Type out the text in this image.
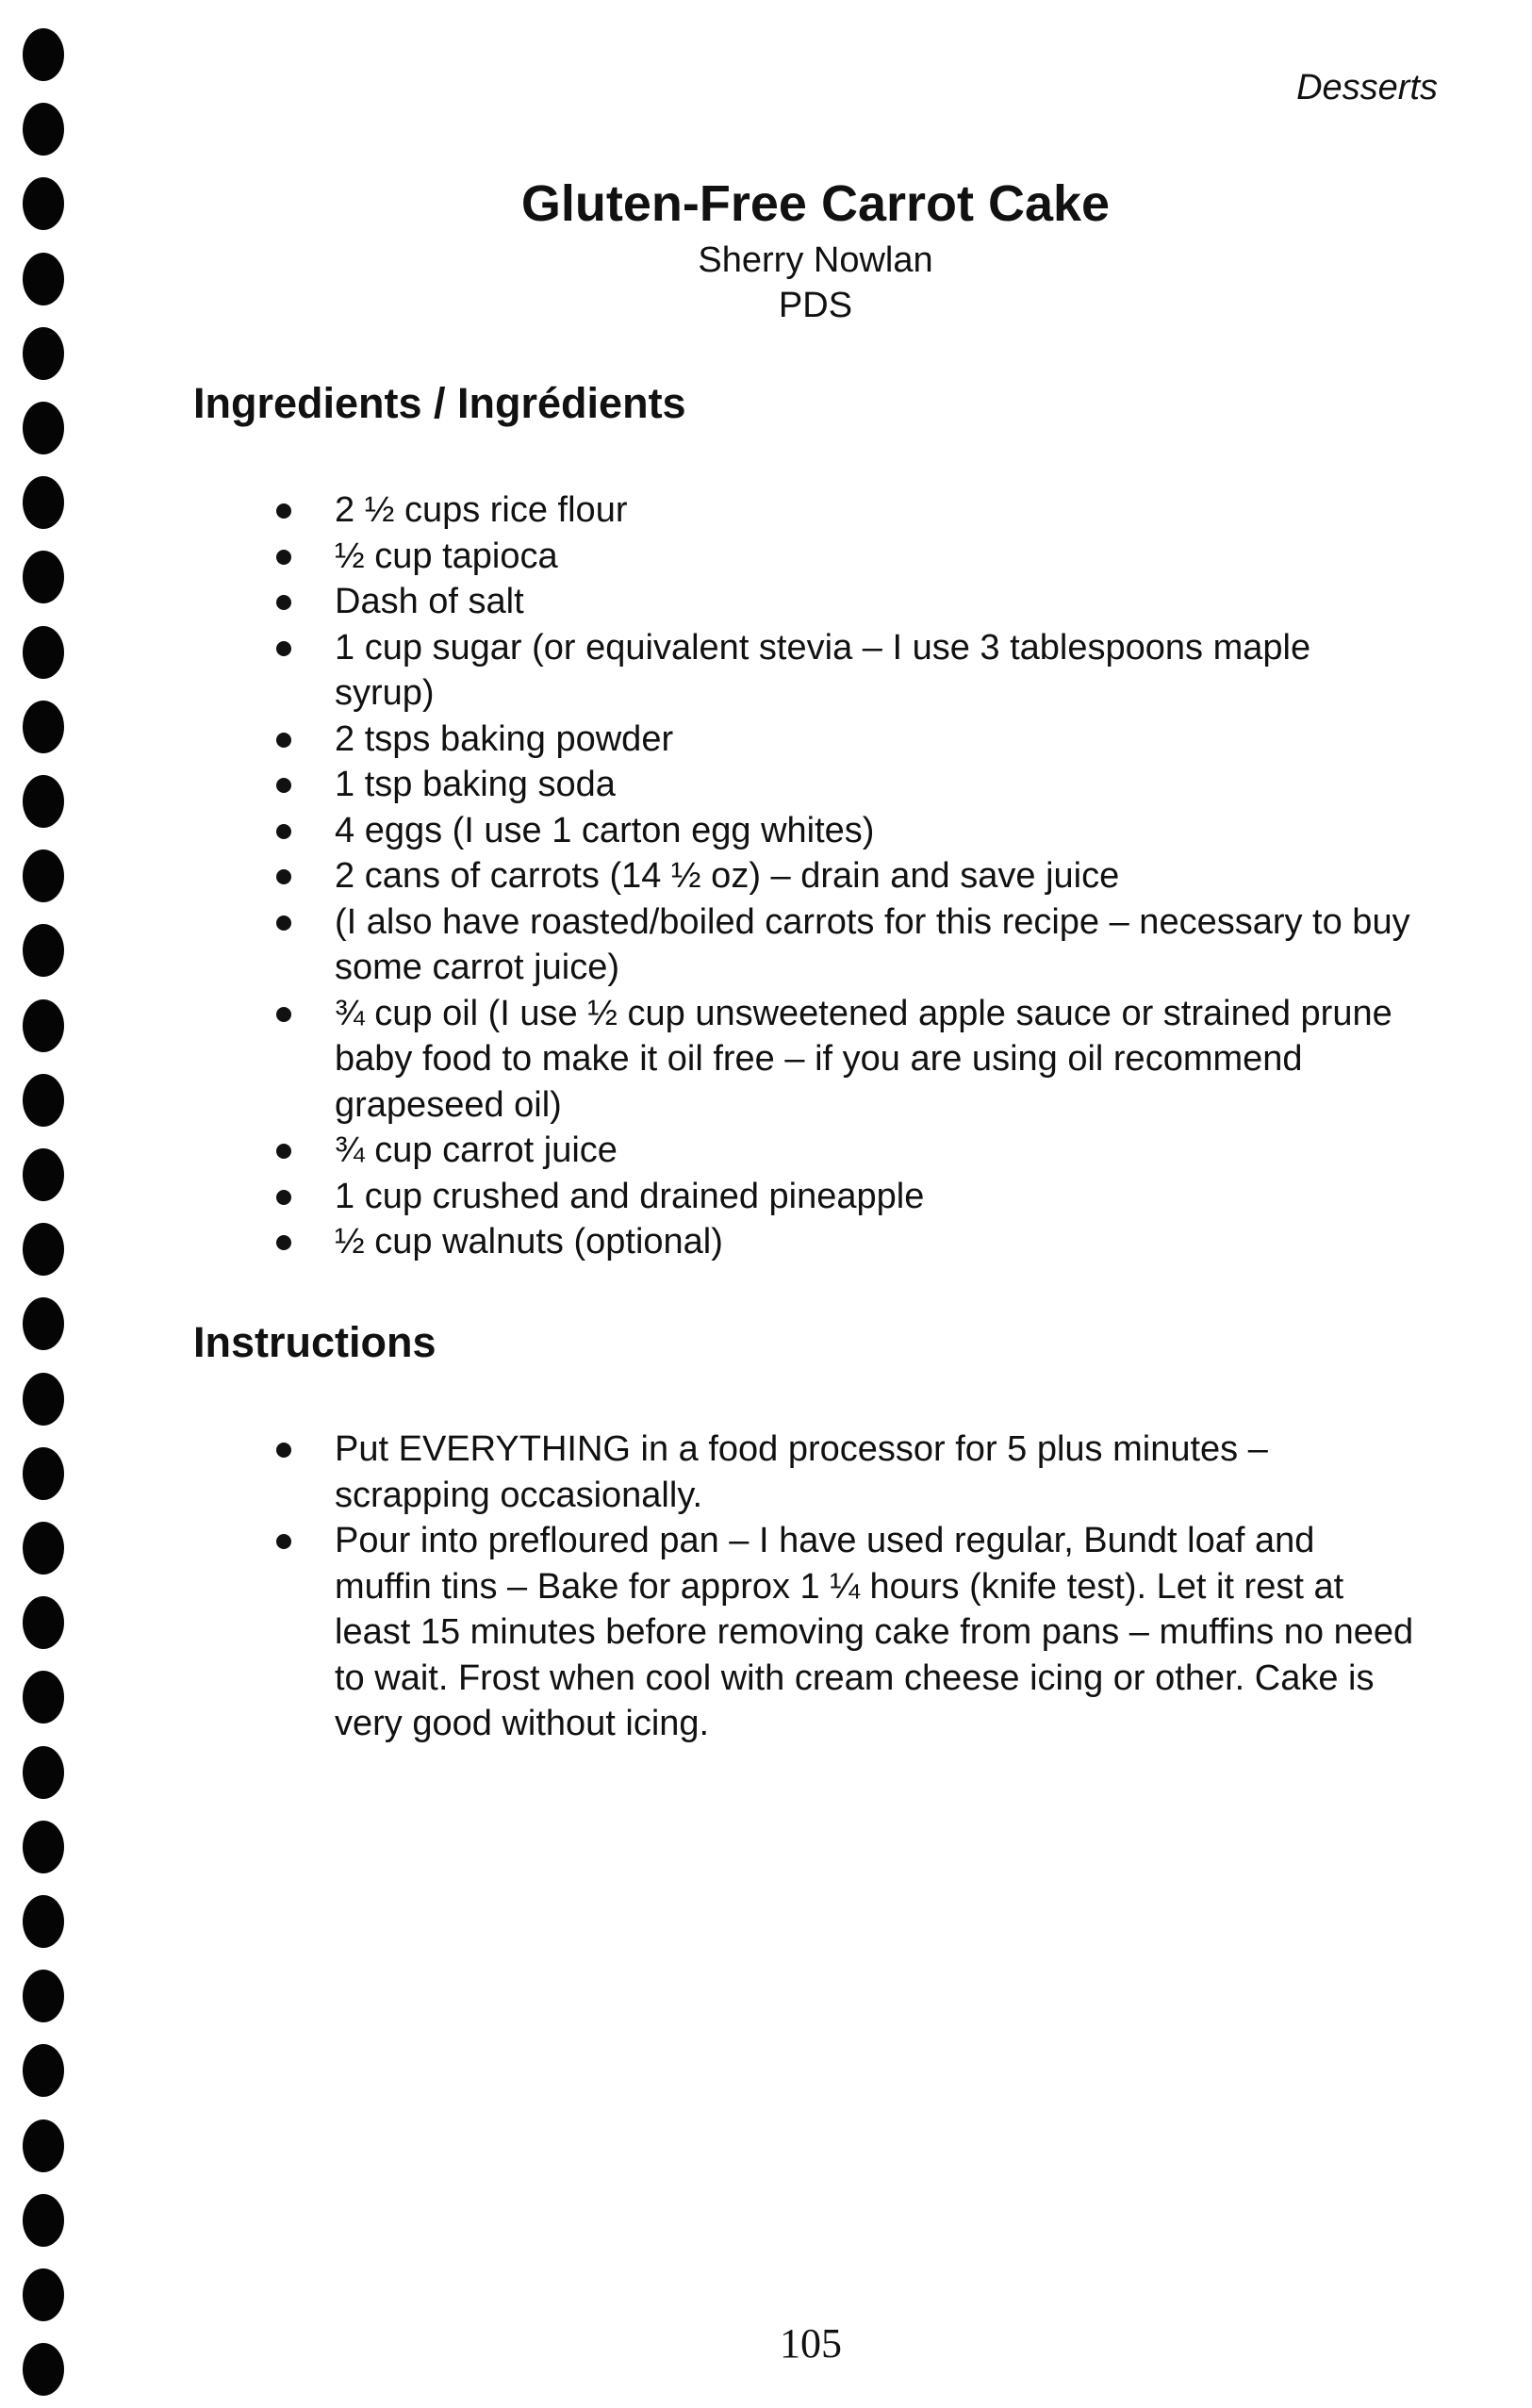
Desserts

Gluten-Free Carrot Cake

Sherry Nowlan

PDS

Ingredients / Ingrédients
2 ½ cups rice flour
½ cup tapioca
Dash of salt
1 cup sugar (or equivalent stevia – I use 3 tablespoons maple syrup)
2 tsps baking powder
1 tsp baking soda
4 eggs (I use 1 carton egg whites)
2 cans of carrots (14 ½ oz) – drain and save juice
(I also have roasted/boiled carrots for this recipe – necessary to buy some carrot juice)
¾ cup oil (I use ½ cup unsweetened apple sauce or strained prune baby food to make it oil free – if you are using oil recommend grapeseed oil)
¾ cup carrot juice
1 cup crushed and drained pineapple
½ cup walnuts (optional)
Instructions
Put EVERYTHING in a food processor for 5 plus minutes – scrapping occasionally.
Pour into prefloured pan – I have used regular, Bundt loaf and muffin tins – Bake for approx 1 ¼ hours (knife test). Let it rest at least 15 minutes before removing cake from pans – muffins no need to wait. Frost when cool with cream cheese icing or other. Cake is very good without icing.

105
